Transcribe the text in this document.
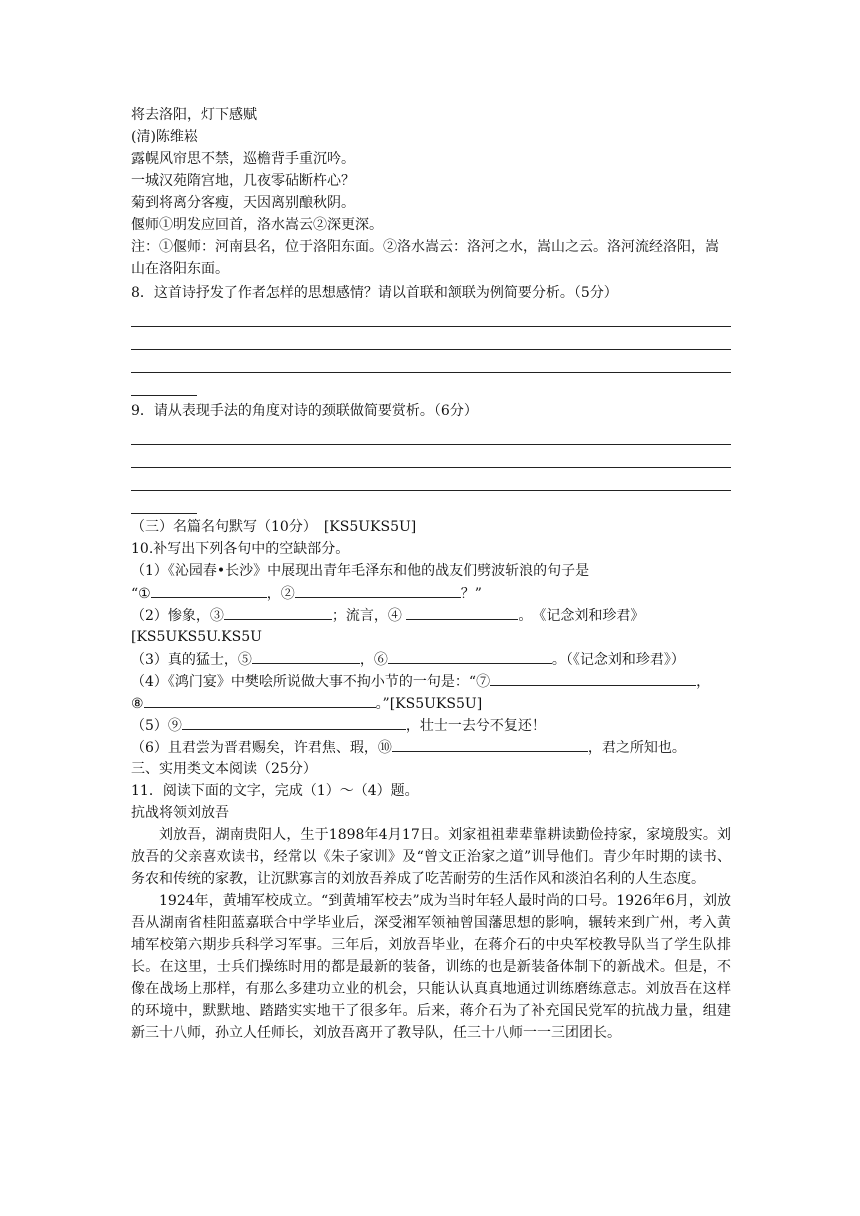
将去洛阳，灯下感赋
(清)陈维崧
露幌风帘思不禁，巡檐背手重沉吟。
一城汉苑隋宫地，几夜零砧断杵心？
菊到将离分客瘦，天因离别酿秋阴。
偃师①明发应回首，洛水嵩云②深更深。
注：①偃师：河南县名，位于洛阳东面。②洛水嵩云：洛河之水，嵩山之云。洛河流经洛阳，嵩山在洛阳东面。
8．这首诗抒发了作者怎样的思想感情？请以首联和颔联为例简要分析。（5分）
9．请从表现手法的角度对诗的颈联做简要赏析。（6分）
（三）名篇名句默写（10分）　[KS5UKS5U]
10.补写出下列各句中的空缺部分。
（1）《沁园春•长沙》中展现出青年毛泽东和他的战友们劈波斩浪的句子是
“①	，②	？”
（2）惨象，③	；流言，④	。　《记念刘和珍君》
[KS5UKS5U.KS5U
（3）真的猛士，⑤	，⑥	。（《记念刘和珍君》）
（4）《鸿门宴》中樊哙所说做大事不拘小节的一句是：“⑦	，
⑧	。”[KS5UKS5U]
（5）⑨	，壮士一去兮不复还！
（6）且君尝为晋君赐矣，许君焦、瑕，⑩	，君之所知也。
三、实用类文本阅读（25分）
11．阅读下面的文字，完成（1）～（4）题。
抗战将领刘放吾
刘放吾，湖南贵阳人，生于1898年4月17日。刘家祖祖辈辈靠耕读勤俭持家，家境殷实。刘放吾的父亲喜欢读书，经常以《朱子家训》及“曾文正治家之道”训导他们。青少年时期的读书、务农和传统的家教，让沉默寡言的刘放吾养成了吃苦耐劳的生活作风和淡泊名利的人生态度。
1924年，黄埔军校成立。“到黄埔军校去”成为当时年轻人最时尚的口号。1926年6月，刘放吾从湖南省桂阳蓝嘉联合中学毕业后，深受湘军领袖曾国藩思想的影响，辗转来到广州，考入黄埔军校第六期步兵科学习军事。三年后，刘放吾毕业，在蒋介石的中央军校教导队当了学生队排长。在这里，士兵们操练时用的都是最新的装备，训练的也是新装备体制下的新战术。但是，不像在战场上那样，有那么多建功立业的机会，只能认认真真地通过训练磨练意志。刘放吾在这样的环境中，默默地、踏踏实实地干了很多年。后来，蒋介石为了补充国民党军的抗战力量，组建新三十八师，孙立人任师长，刘放吾离开了教导队，任三十八师一一三团团长。
